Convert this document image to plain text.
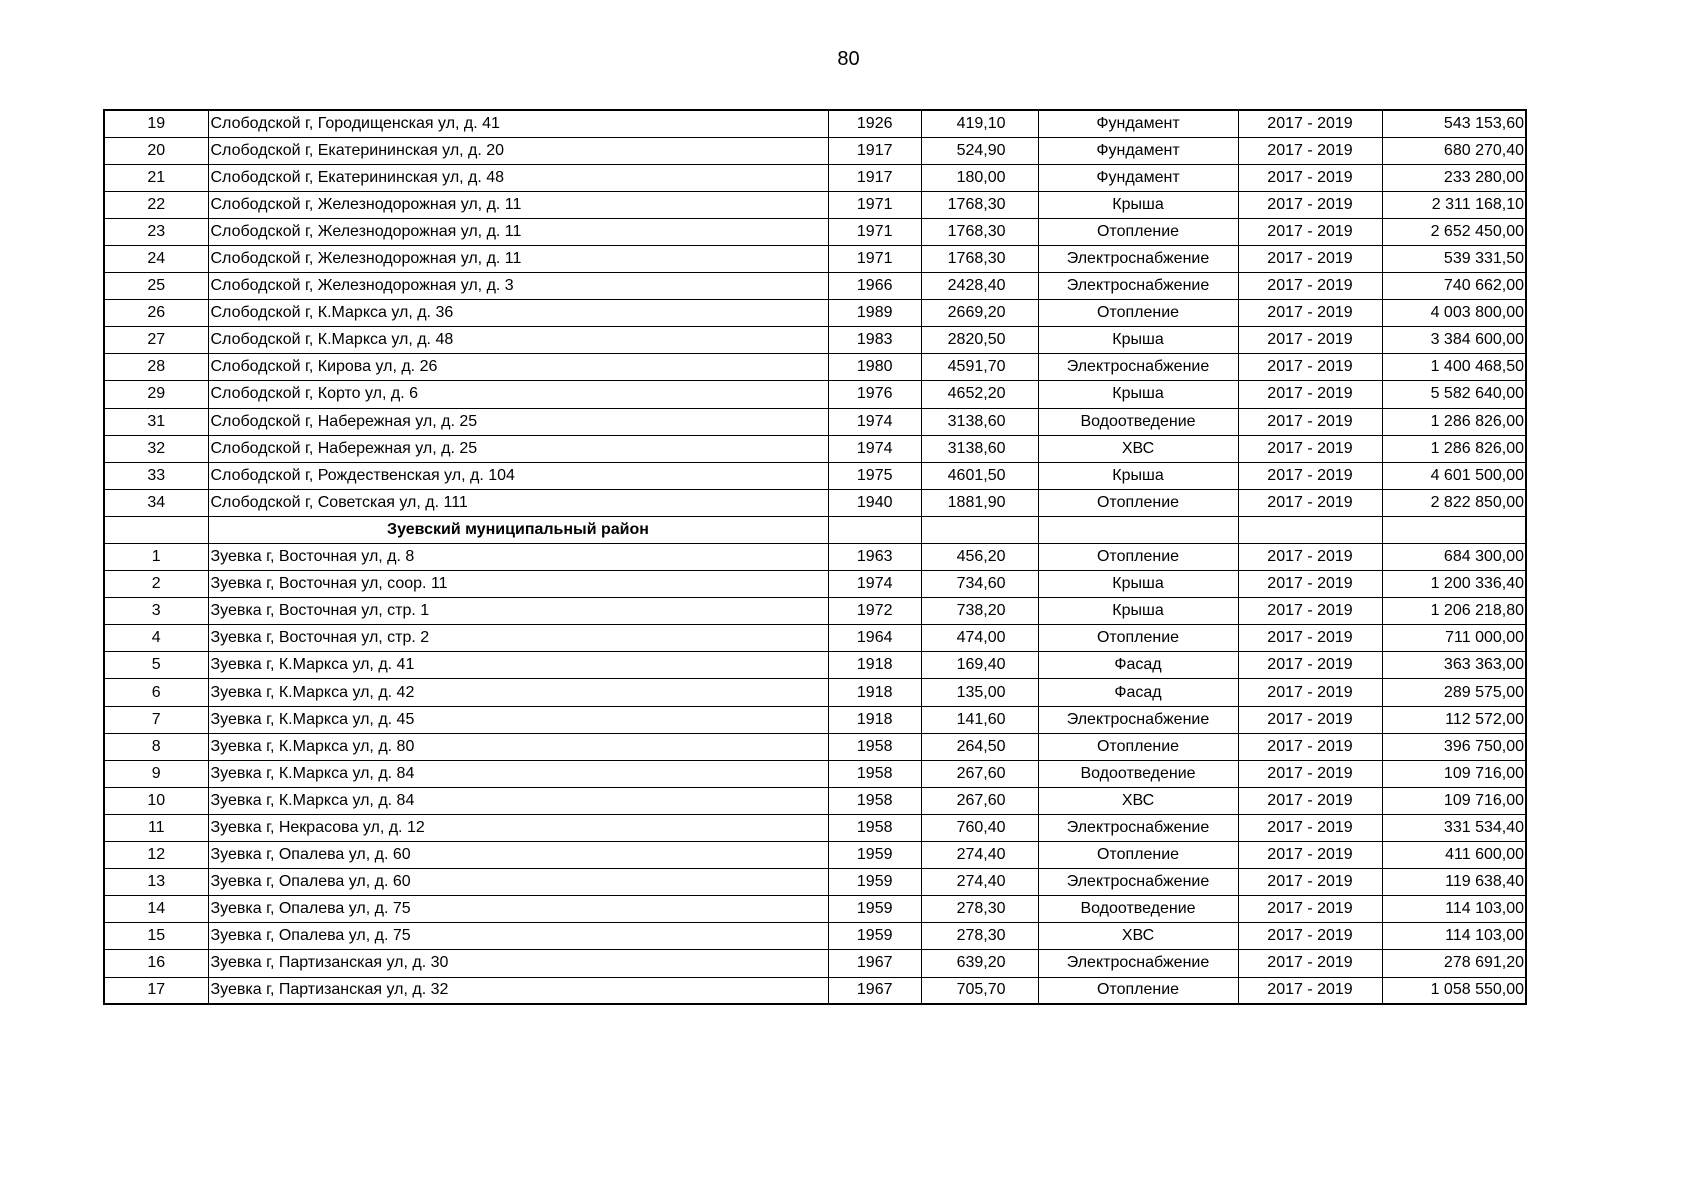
80
19	Слободской г, Городищенская ул, д. 41	1926	419,10	Фундамент	2017 - 2019	543 153,60
20	Слободской г, Екатерининская ул, д. 20	1917	524,90	Фундамент	2017 - 2019	680 270,40
21	Слободской г, Екатерининская ул, д. 48	1917	180,00	Фундамент	2017 - 2019	233 280,00
22	Слободской г, Железнодорожная ул, д. 11	1971	1768,30	Крыша	2017 - 2019	2 311 168,10
23	Слободской г, Железнодорожная ул, д. 11	1971	1768,30	Отопление	2017 - 2019	2 652 450,00
24	Слободской г, Железнодорожная ул, д. 11	1971	1768,30	Электроснабжение	2017 - 2019	539 331,50
25	Слободской г, Железнодорожная ул, д. 3	1966	2428,40	Электроснабжение	2017 - 2019	740 662,00
26	Слободской г, К.Маркса ул, д. 36	1989	2669,20	Отопление	2017 - 2019	4 003 800,00
27	Слободской г, К.Маркса ул, д. 48	1983	2820,50	Крыша	2017 - 2019	3 384 600,00
28	Слободской г, Кирова ул, д. 26	1980	4591,70	Электроснабжение	2017 - 2019	1 400 468,50
29	Слободской г, Корто ул, д. 6	1976	4652,20	Крыша	2017 - 2019	5 582 640,00
31	Слободской г, Набережная ул, д. 25	1974	3138,60	Водоотведение	2017 - 2019	1 286 826,00
32	Слободской г, Набережная ул, д. 25	1974	3138,60	ХВС	2017 - 2019	1 286 826,00
33	Слободской г, Рождественская ул, д. 104	1975	4601,50	Крыша	2017 - 2019	4 601 500,00
34	Слободской г, Советская ул, д. 111	1940	1881,90	Отопление	2017 - 2019	2 822 850,00
	Зуевский муниципальный район					
1	Зуевка г, Восточная ул, д. 8	1963	456,20	Отопление	2017 - 2019	684 300,00
2	Зуевка г, Восточная ул, соор. 11	1974	734,60	Крыша	2017 - 2019	1 200 336,40
3	Зуевка г, Восточная ул, стр. 1	1972	738,20	Крыша	2017 - 2019	1 206 218,80
4	Зуевка г, Восточная ул, стр. 2	1964	474,00	Отопление	2017 - 2019	711 000,00
5	Зуевка г, К.Маркса ул, д. 41	1918	169,40	Фасад	2017 - 2019	363 363,00
6	Зуевка г, К.Маркса ул, д. 42	1918	135,00	Фасад	2017 - 2019	289 575,00
7	Зуевка г, К.Маркса ул, д. 45	1918	141,60	Электроснабжение	2017 - 2019	112 572,00
8	Зуевка г, К.Маркса ул, д. 80	1958	264,50	Отопление	2017 - 2019	396 750,00
9	Зуевка г, К.Маркса ул, д. 84	1958	267,60	Водоотведение	2017 - 2019	109 716,00
10	Зуевка г, К.Маркса ул, д. 84	1958	267,60	ХВС	2017 - 2019	109 716,00
11	Зуевка г, Некрасова ул, д. 12	1958	760,40	Электроснабжение	2017 - 2019	331 534,40
12	Зуевка г, Опалева ул, д. 60	1959	274,40	Отопление	2017 - 2019	411 600,00
13	Зуевка г, Опалева ул, д. 60	1959	274,40	Электроснабжение	2017 - 2019	119 638,40
14	Зуевка г, Опалева ул, д. 75	1959	278,30	Водоотведение	2017 - 2019	114 103,00
15	Зуевка г, Опалева ул, д. 75	1959	278,30	ХВС	2017 - 2019	114 103,00
16	Зуевка г, Партизанская ул, д. 30	1967	639,20	Электроснабжение	2017 - 2019	278 691,20
17	Зуевка г, Партизанская ул, д. 32	1967	705,70	Отопление	2017 - 2019	1 058 550,00
